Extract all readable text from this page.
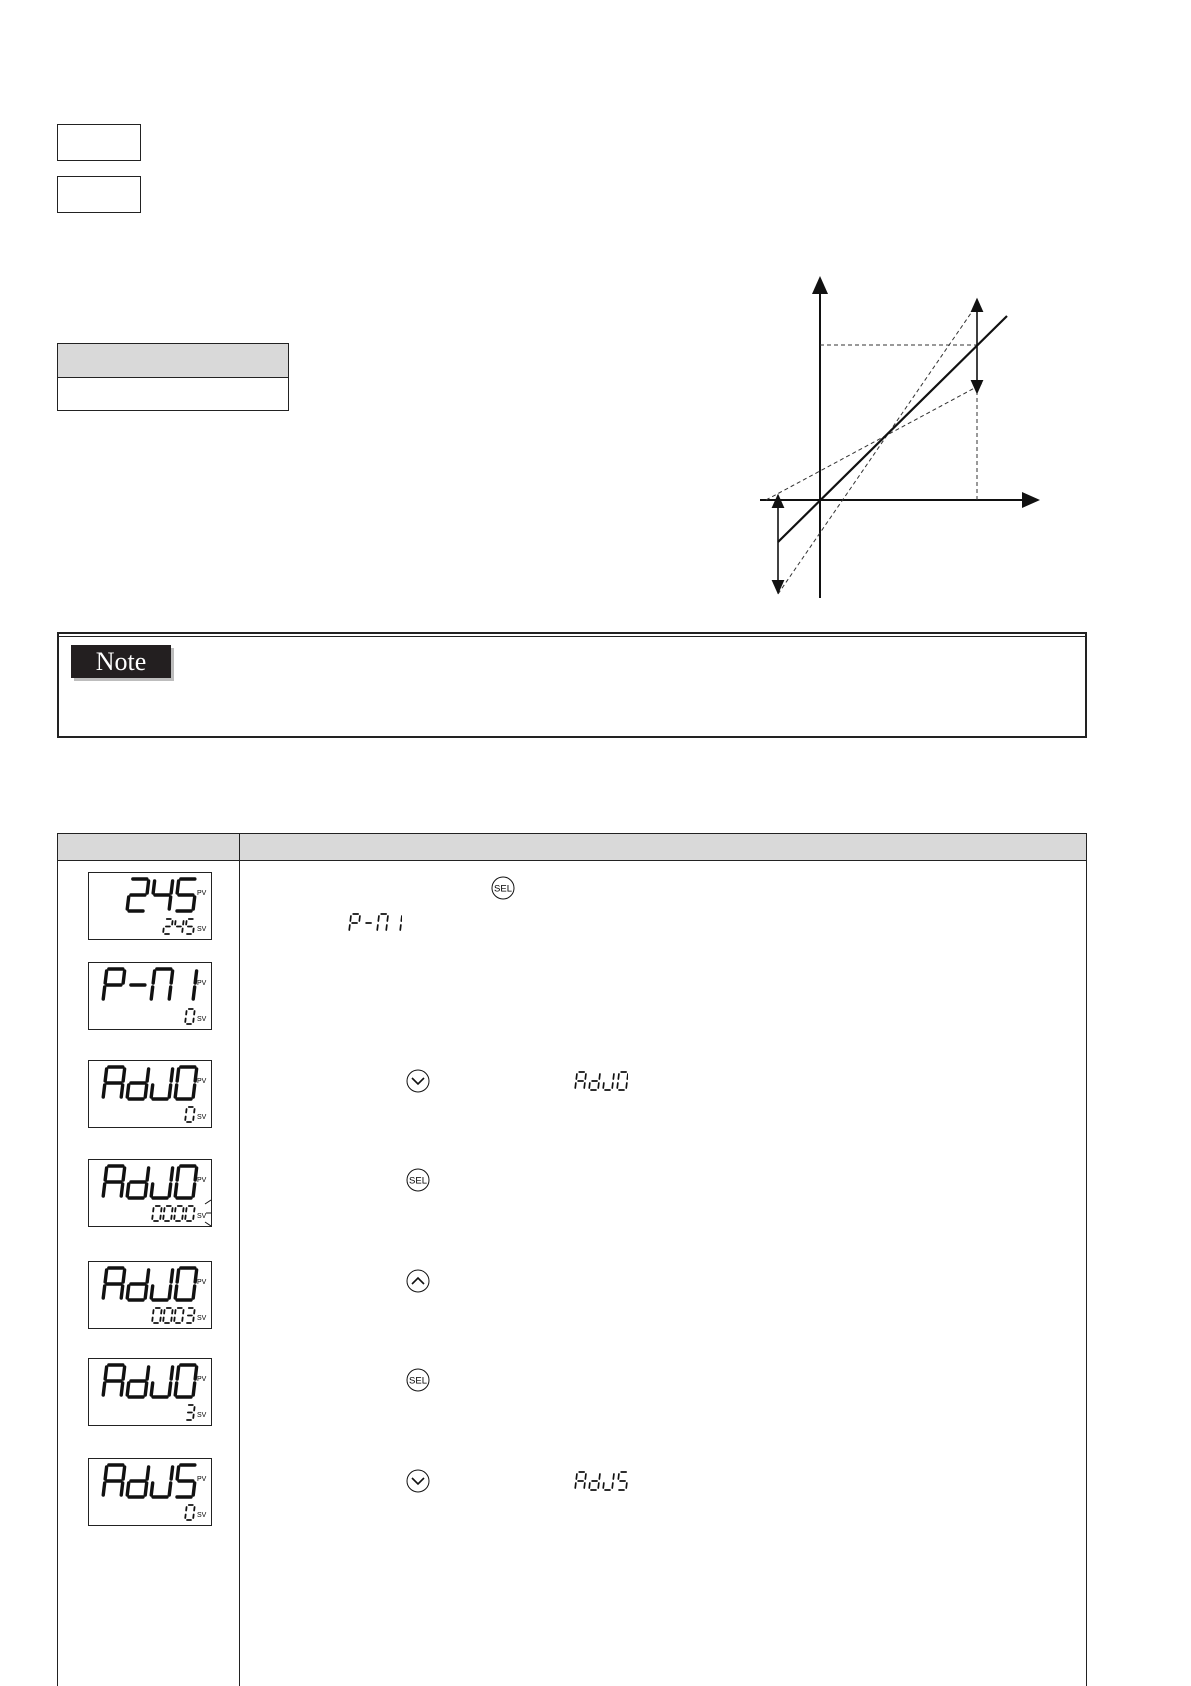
Note
PV
SV
PV
SV
PV
SV
PV
SV
PV
SV
PV
SV
PV
SV
SEL
SEL
SEL
